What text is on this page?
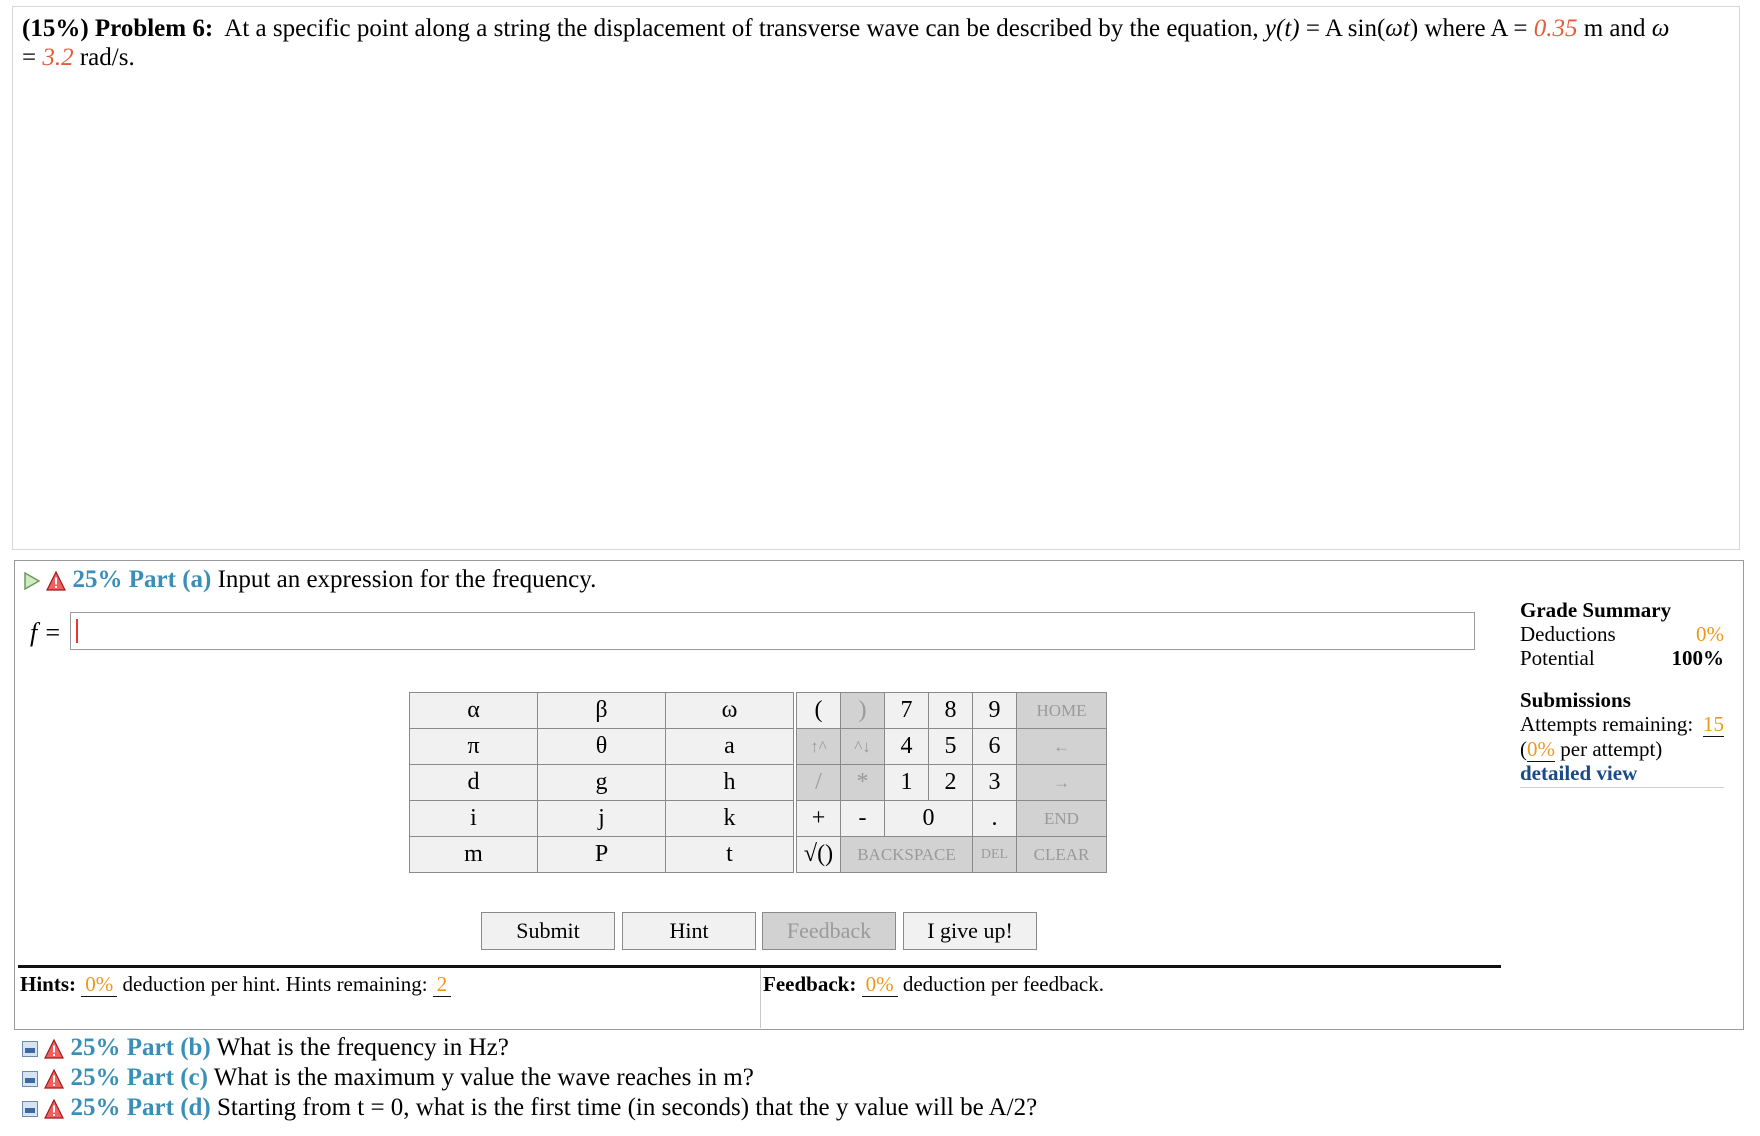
(15%) Problem 6: At a specific point along a string the displacement of transverse wave can be described by the equation, y(t) = A sin(ωt) where A = 0.35 m and ω
= 3.2 rad/s.
25% Part (a) Input an expression for the frequency.
f =
α	β	ω
π	θ	a
d	g	h
i	j	k
m	P	t
(	)	7	8	9	HOME
↑^	^↓	4	5	6	←
/	*	1	2	3	→
+	-	0		.	END
√()	BACKSPACE			DEL	CLEAR
Submit	Hint	Feedback	I give up!
Hints: 0% deduction per hint. Hints remaining: 2	Feedback: 0% deduction per feedback.
Grade Summary
Deductions	0%
Potential	100%
Submissions
Attempts remaining: 15
(0% per attempt)
detailed view
25% Part (b) What is the frequency in Hz?
25% Part (c) What is the maximum y value the wave reaches in m?
25% Part (d) Starting from t = 0, what is the first time (in seconds) that the y value will be A/2?
